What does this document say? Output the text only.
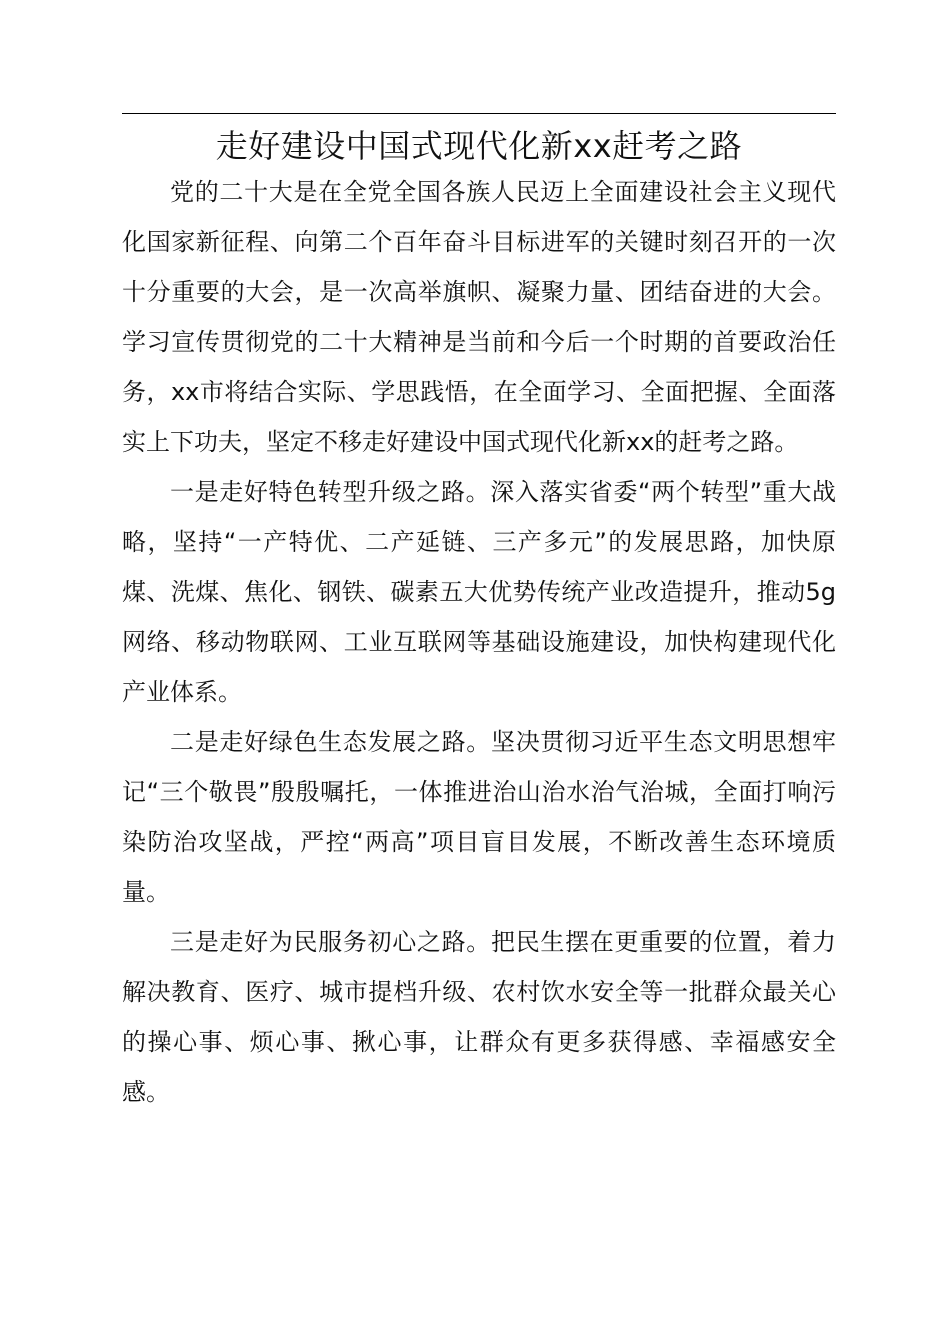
走好建设中国式现代化新xx赶考之路

党的二十大是在全党全国各族人民迈上全面建设社会主义现代化国家新征程、向第二个百年奋斗目标进军的关键时刻召开的一次十分重要的大会，是一次高举旗帜、凝聚力量、团结奋进的大会。学习宣传贯彻党的二十大精神是当前和今后一个时期的首要政治任务，xx市将结合实际、学思践悟，在全面学习、全面把握、全面落实上下功夫，坚定不移走好建设中国式现代化新xx的赶考之路。

一是走好特色转型升级之路。深入落实省委“两个转型”重大战略，坚持“一产特优、二产延链、三产多元”的发展思路，加快原煤、洗煤、焦化、钢铁、碳素五大优势传统产业改造提升，推动5g网络、移动物联网、工业互联网等基础设施建设，加快构建现代化产业体系。

二是走好绿色生态发展之路。坚决贯彻习近平生态文明思想牢记“三个敬畏”殷殷嘱托，一体推进治山治水治气治城，全面打响污染防治攻坚战，严控“两高”项目盲目发展，不断改善生态环境质量。

三是走好为民服务初心之路。把民生摆在更重要的位置，着力解决教育、医疗、城市提档升级、农村饮水安全等一批群众最关心的操心事、烦心事、揪心事，让群众有更多获得感、幸福感安全感。
